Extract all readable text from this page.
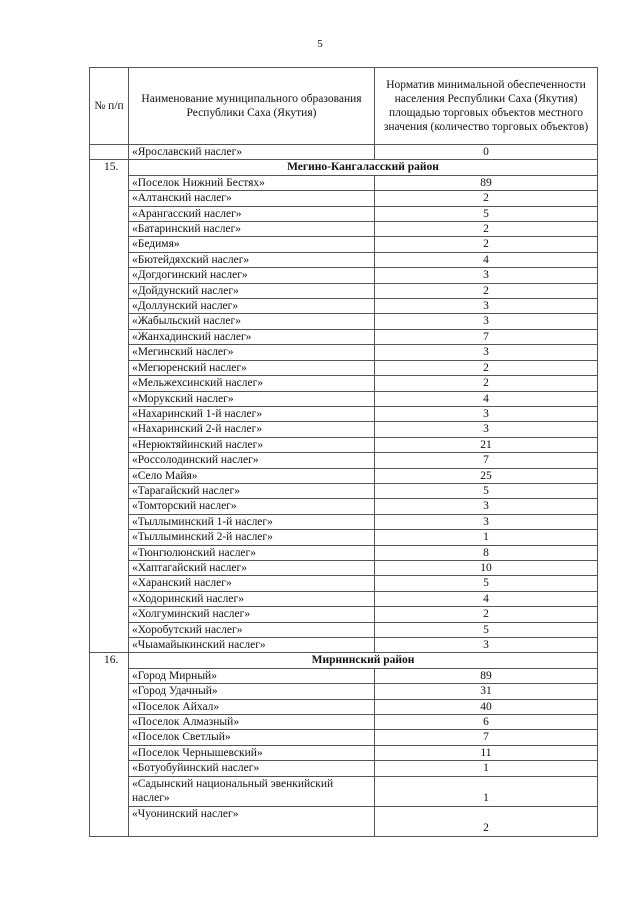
5
№ п/п	Наименование муниципального образования Республики Саха (Якутия)	Норматив минимальной обеспеченности населения Республики Саха (Якутия) площадью торговых объектов местного значения (количество торговых объектов)
	«Ярославский наслег»	0
15.	Мегино-Кангаласский район	
	«Поселок Нижний Бестях»	89
	«Алтанский наслег»	2
	«Арангасский наслег»	5
	«Батаринский наслег»	2
	«Бедимя»	2
	«Бютейдяхский наслег»	4
	«Догдогинский наслег»	3
	«Дойдунский наслег»	2
	«Доллунский наслег»	3
	«Жабыльский наслег»	3
	«Жанхадинский наслег»	7
	«Мегинский наслег»	3
	«Мегюренский наслег»	2
	«Мельжехсинский наслег»	2
	«Морукский наслег»	4
	«Нахаринский 1-й наслег»	3
	«Нахаринский 2-й наслег»	3
	«Нерюктяйинский наслег»	21
	«Россолодинский наслег»	7
	«Село Майя»	25
	«Тарагайский наслег»	5
	«Томторский наслег»	3
	«Тыллыминский 1-й наслег»	3
	«Тыллыминский 2-й наслег»	1
	«Тюнгюлюнский наслег»	8
	«Хаптагайский наслег»	10
	«Харанский наслег»	5
	«Ходоринский наслег»	4
	«Холгуминский наслег»	2
	«Хоробутский наслег»	5
	«Чыамайыкинский наслег»	3
16.	Мирнинский район	
	«Город Мирный»	89
	«Город Удачный»	31
	«Поселок Айхал»	40
	«Поселок Алмазный»	6
	«Поселок Светлый»	7
	«Поселок Чернышевский»	11
	«Ботуобуйинский наслег»	1
	«Садынский национальный эвенкийский наслег»	1
	«Чуонинский наслег»	2
